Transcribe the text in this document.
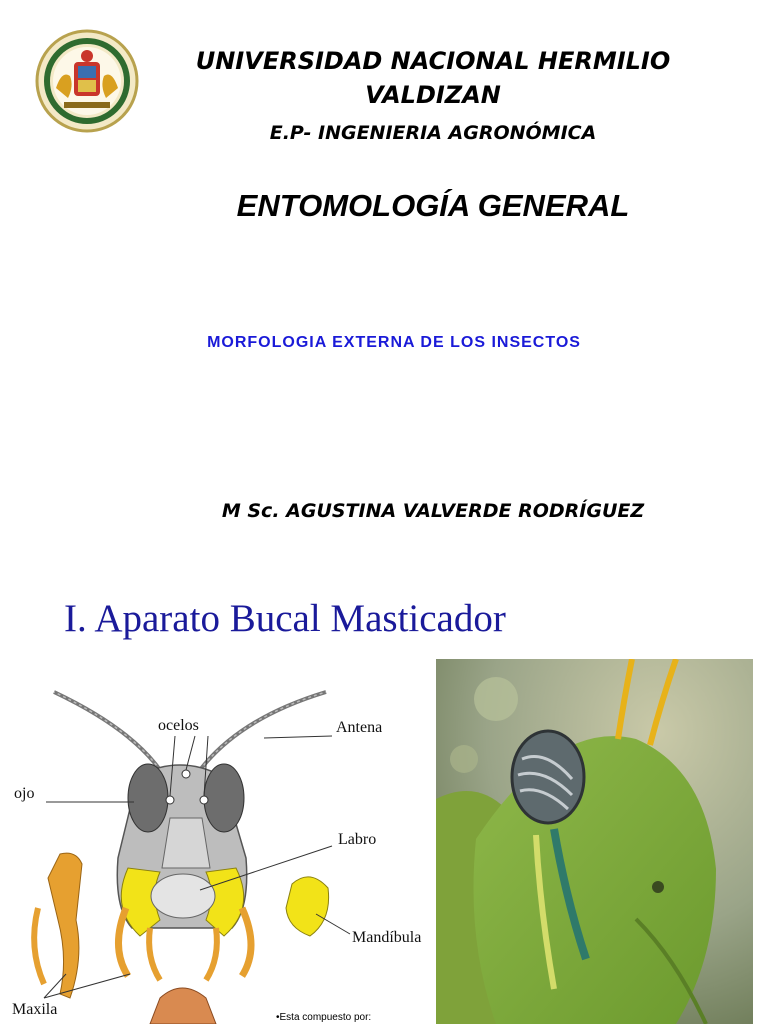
UNIVERSIDAD NACIONAL HERMILIO
VALDIZAN
E.P- INGENIERIA AGRONÓMICA
ENTOMOLOGÍA GENERAL
MORFOLOGIA EXTERNA DE LOS INSECTOS
M Sc. AGUSTINA VALVERDE RODRÍGUEZ
I. Aparato Bucal Masticador
ocelos	Antena
ojo
Labro
Mandíbula
Maxila	•Esta compuesto por:
